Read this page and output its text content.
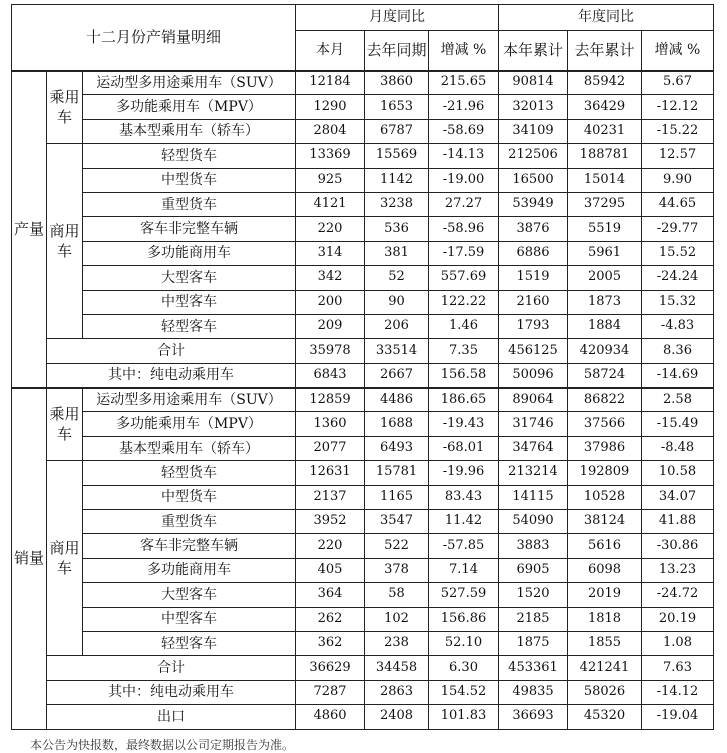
十二月份产销量明细			月度同比			年度同比		
			本月	去年同期	增减 %	本年累计	去年累计	增减 %
产量	乘用车	运动型多用途乘用车（SUV）	12184	3860	215.65	90814	85942	5.67
		多功能乘用车（MPV）	1290	1653	-21.96	32013	36429	-12.12
		基本型乘用车（轿车）	2804	6787	-58.69	34109	40231	-15.22
	商用车	轻型货车	13369	15569	-14.13	212506	188781	12.57
		中型货车	925	1142	-19.00	16500	15014	9.90
		重型货车	4121	3238	27.27	53949	37295	44.65
		客车非完整车辆	220	536	-58.96	3876	5519	-29.77
		多功能商用车	314	381	-17.59	6886	5961	15.52
		大型客车	342	52	557.69	1519	2005	-24.24
		中型客车	200	90	122.22	2160	1873	15.32
		轻型客车	209	206	1.46	1793	1884	-4.83
	合计		35978	33514	7.35	456125	420934	8.36
	其中：纯电动乘用车		6843	2667	156.58	50096	58724	-14.69
销量	乘用车	运动型多用途乘用车（SUV）	12859	4486	186.65	89064	86822	2.58
		多功能乘用车（MPV）	1360	1688	-19.43	31746	37566	-15.49
		基本型乘用车（轿车）	2077	6493	-68.01	34764	37986	-8.48
	商用车	轻型货车	12631	15781	-19.96	213214	192809	10.58
		中型货车	2137	1165	83.43	14115	10528	34.07
		重型货车	3952	3547	11.42	54090	38124	41.88
		客车非完整车辆	220	522	-57.85	3883	5616	-30.86
		多功能商用车	405	378	7.14	6905	6098	13.23
		大型客车	364	58	527.59	1520	2019	-24.72
		中型客车	262	102	156.86	2185	1818	20.19
		轻型客车	362	238	52.10	1875	1855	1.08
	合计		36629	34458	6.30	453361	421241	7.63
	其中：纯电动乘用车		7287	2863	154.52	49835	58026	-14.12
	出口		4860	2408	101.83	36693	45320	-19.04
本公告为快报数，最终数据以公司定期报告为准。
